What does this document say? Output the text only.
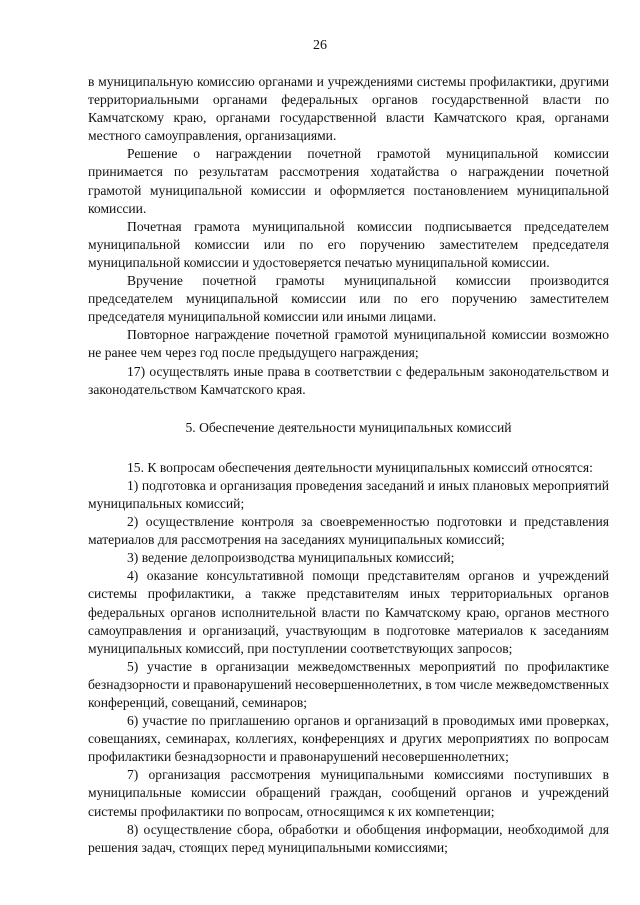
26

в муниципальную комиссию органами и учреждениями системы профилактики, другими территориальными органами федеральных органов государственной власти по Камчатскому краю, органами государственной власти Камчатского края, органами местного самоуправления, организациями.

Решение о награждении почетной грамотой муниципальной комиссии принимается по результатам рассмотрения ходатайства о награждении почетной грамотой муниципальной комиссии и оформляется постановлением муниципальной комиссии.

Почетная грамота муниципальной комиссии подписывается председателем муниципальной комиссии или по его поручению заместителем председателя муниципальной комиссии и удостоверяется печатью муниципальной комиссии.

Вручение почетной грамоты муниципальной комиссии производится председателем муниципальной комиссии или по его поручению заместителем председателя муниципальной комиссии или иными лицами.

Повторное награждение почетной грамотой муниципальной комиссии возможно не ранее чем через год после предыдущего награждения;

17) осуществлять иные права в соответствии с федеральным законодательством и законодательством Камчатского края.

5. Обеспечение деятельности муниципальных комиссий

15. К вопросам обеспечения деятельности муниципальных комиссий относятся:

1) подготовка и организация проведения заседаний и иных плановых мероприятий муниципальных комиссий;

2) осуществление контроля за своевременностью подготовки и представления материалов для рассмотрения на заседаниях муниципальных комиссий;

3) ведение делопроизводства муниципальных комиссий;

4) оказание консультативной помощи представителям органов и учреждений системы профилактики, а также представителям иных территориальных органов федеральных органов исполнительной власти по Камчатскому краю, органов местного самоуправления и организаций, участвующим в подготовке материалов к заседаниям муниципальных комиссий, при поступлении соответствующих запросов;

5) участие в организации межведомственных мероприятий по профилактике безнадзорности и правонарушений несовершеннолетних, в том числе межведомственных конференций, совещаний, семинаров;

6) участие по приглашению органов и организаций в проводимых ими проверках, совещаниях, семинарах, коллегиях, конференциях и других мероприятиях по вопросам профилактики безнадзорности и правонарушений несовершеннолетних;

7) организация рассмотрения муниципальными комиссиями поступивших в муниципальные комиссии обращений граждан, сообщений органов и учреждений системы профилактики по вопросам, относящимся к их компетенции;

8) осуществление сбора, обработки и обобщения информации, необходимой для решения задач, стоящих перед муниципальными комиссиями;
